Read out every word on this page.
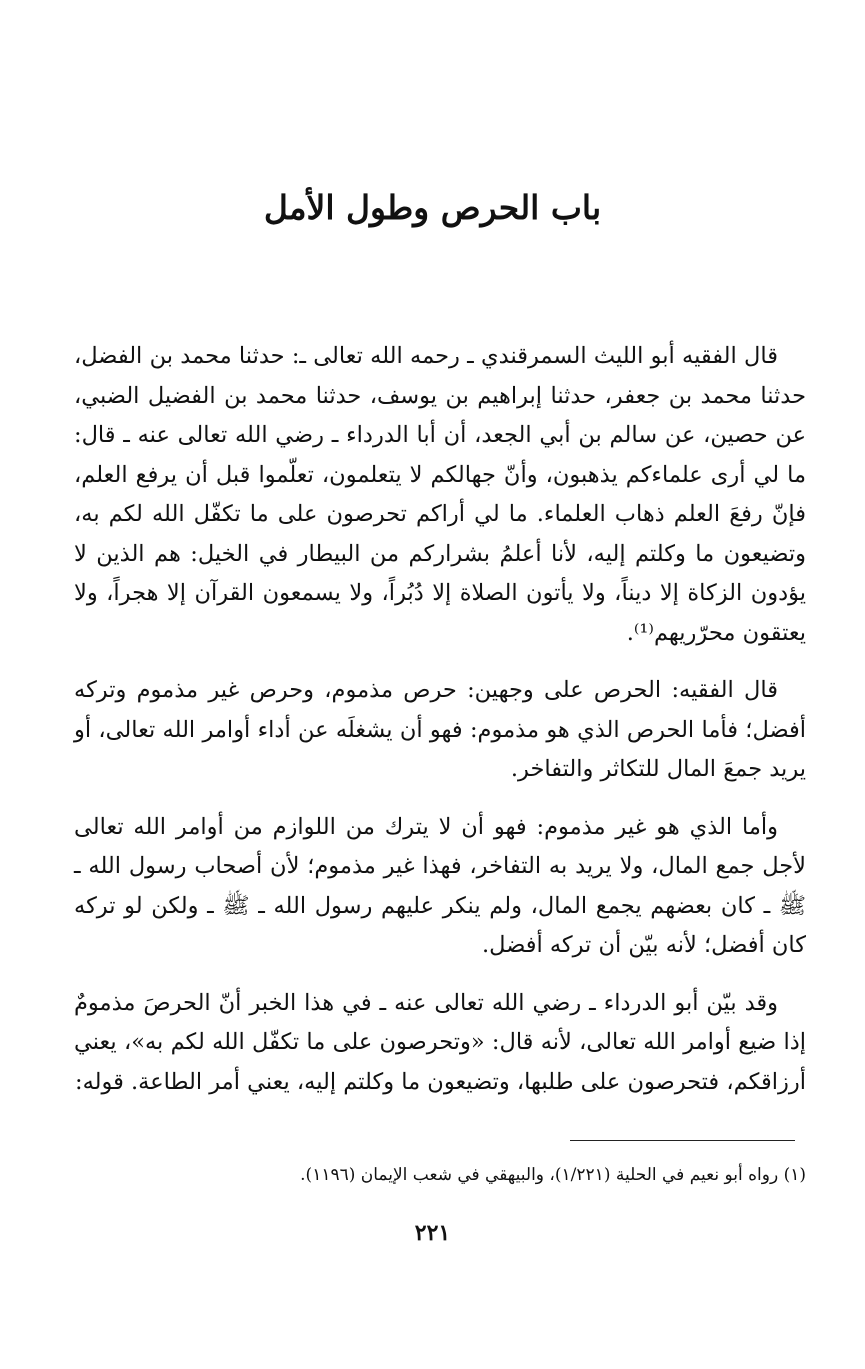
باب الحرص وطول الأمل

قال الفقيه أبو الليث السمرقندي ـ رحمه الله تعالى ـ: حدثنا محمد بن الفضل، حدثنا محمد بن جعفر، حدثنا إبراهيم بن يوسف، حدثنا محمد بن الفضيل الضبي، عن حصين، عن سالم بن أبي الجعد، أن أبا الدرداء ـ رضي الله تعالى عنه ـ قال: ما لي أرى علماءكم يذهبون، وأنّ جهالكم لا يتعلمون، تعلّموا قبل أن يرفع العلم، فإنّ رفعَ العلم ذهاب العلماء. ما لي أراكم تحرصون على ما تكفّل الله لكم به، وتضيعون ما وكلتم إليه، لأنا أعلمُ بشراركم من البيطار في الخيل: هم الذين لا يؤدون الزكاة إلا ديناً، ولا يأتون الصلاة إلا دُبُراً، ولا يسمعون القرآن إلا هجراً، ولا يعتقون محرّريهم⁽¹⁾.

قال الفقيه: الحرص على وجهين: حرص مذموم، وحرص غير مذموم وتركه أفضل؛ فأما الحرص الذي هو مذموم: فهو أن يشغلَه عن أداء أوامر الله تعالى، أو يريد جمعَ المال للتكاثر والتفاخر.

وأما الذي هو غير مذموم: فهو أن لا يترك من اللوازم من أوامر الله تعالى لأجل جمع المال، ولا يريد به التفاخر، فهذا غير مذموم؛ لأن أصحاب رسول الله ـ ﷺ ـ كان بعضهم يجمع المال، ولم ينكر عليهم رسول الله ـ ﷺ ـ ولكن لو تركه كان أفضل؛ لأنه بيّن أن تركه أفضل.

وقد بيّن أبو الدرداء ـ رضي الله تعالى عنه ـ في هذا الخبر أنّ الحرصَ مذمومٌ إذا ضيع أوامر الله تعالى، لأنه قال: «وتحرصون على ما تكفّل الله لكم به»، يعني أرزاقكم، فتحرصون على طلبها، وتضيعون ما وكلتم إليه، يعني أمر الطاعة. قوله:

(١) رواه أبو نعيم في الحلية (١/٢٢١)، والبيهقي في شعب الإيمان (١١٩٦).

٢٢١
